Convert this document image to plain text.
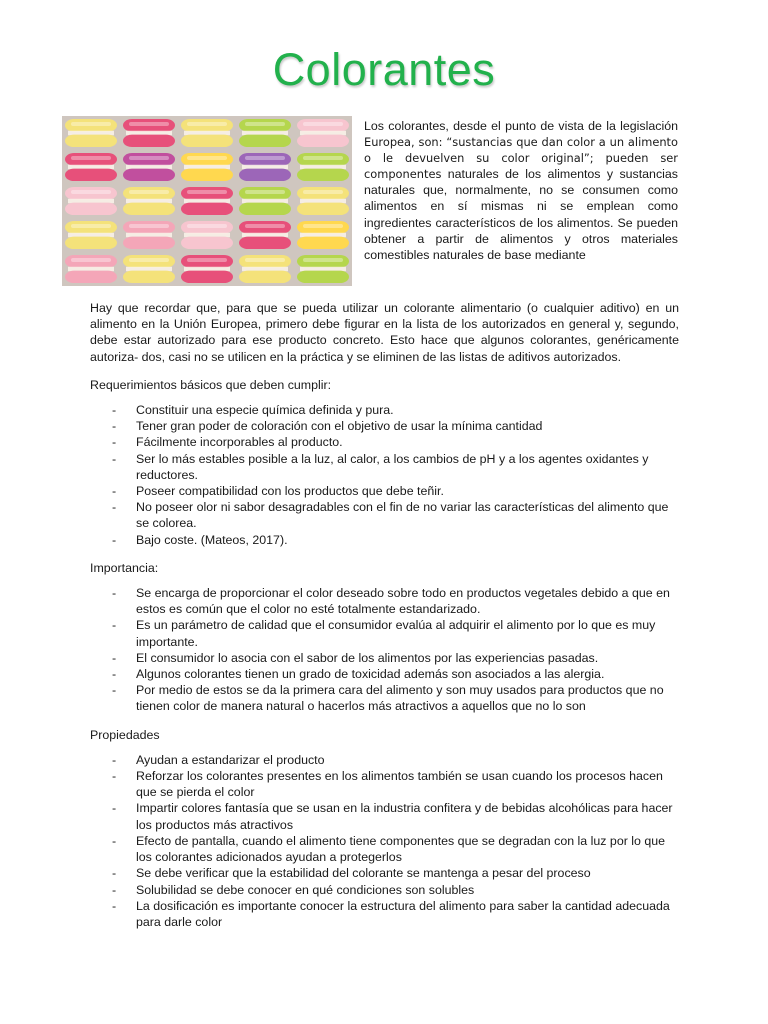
Colorantes

Los colorantes, desde el punto de vista de la legislación Europea, son: “sustancias que dan color a un alimento o le devuelven su color original”; pueden ser componentes naturales de los alimentos y sustancias naturales que, normalmente, no se consumen como alimentos en sí mismas ni se emplean como ingredientes característicos de los alimentos. Se pueden obtener a partir de alimentos y otros materiales comestibles naturales de base mediante

Hay que recordar que, para que se pueda utilizar un colorante alimentario (o cualquier aditivo) en un alimento en la Unión Europea, primero debe figurar en la lista de los autorizados en general y, segundo, debe estar autorizado para ese producto concreto. Esto hace que algunos colorantes, genéricamente autoriza- dos, casi no se utilicen en la práctica y se eliminen de las listas de aditivos autorizados.

Requerimientos básicos que deben cumplir:

- Constituir una especie química definida y pura.
- Tener gran poder de coloración con el objetivo de usar la mínima cantidad
- Fácilmente incorporables al producto.
- Ser lo más estables posible a la luz, al calor, a los cambios de pH y a los agentes oxidantes y reductores.
- Poseer compatibilidad con los productos que debe teñir.
- No poseer olor ni sabor desagradables con el fin de no variar las características del alimento que se colorea.
- Bajo coste. (Mateos, 2017).

Importancia:

- Se encarga de proporcionar el color deseado sobre todo en productos vegetales debido a que en estos es común que el color no esté totalmente estandarizado.
- Es un parámetro de calidad que el consumidor evalúa al adquirir el alimento por lo que es muy importante.
- El consumidor lo asocia con el sabor de los alimentos por las experiencias pasadas.
- Algunos colorantes tienen un grado de toxicidad además son asociados a las alergia.
- Por medio de estos se da la primera cara del alimento y son muy usados para productos que no tienen color de manera natural o hacerlos más atractivos a aquellos que no lo son

Propiedades

- Ayudan a estandarizar el producto
- Reforzar los colorantes presentes en los alimentos también se usan cuando los procesos hacen que se pierda el color
- Impartir colores fantasía que se usan en la industria confitera y de bebidas alcohólicas para hacer los productos más atractivos
- Efecto de pantalla, cuando el alimento tiene componentes que se degradan con la luz por lo que los colorantes adicionados ayudan a protegerlos
- Se debe verificar que la estabilidad del colorante se mantenga a pesar del proceso
- Solubilidad se debe conocer en qué condiciones son solubles
- La dosificación es importante conocer la estructura del alimento para saber la cantidad adecuada para darle color
